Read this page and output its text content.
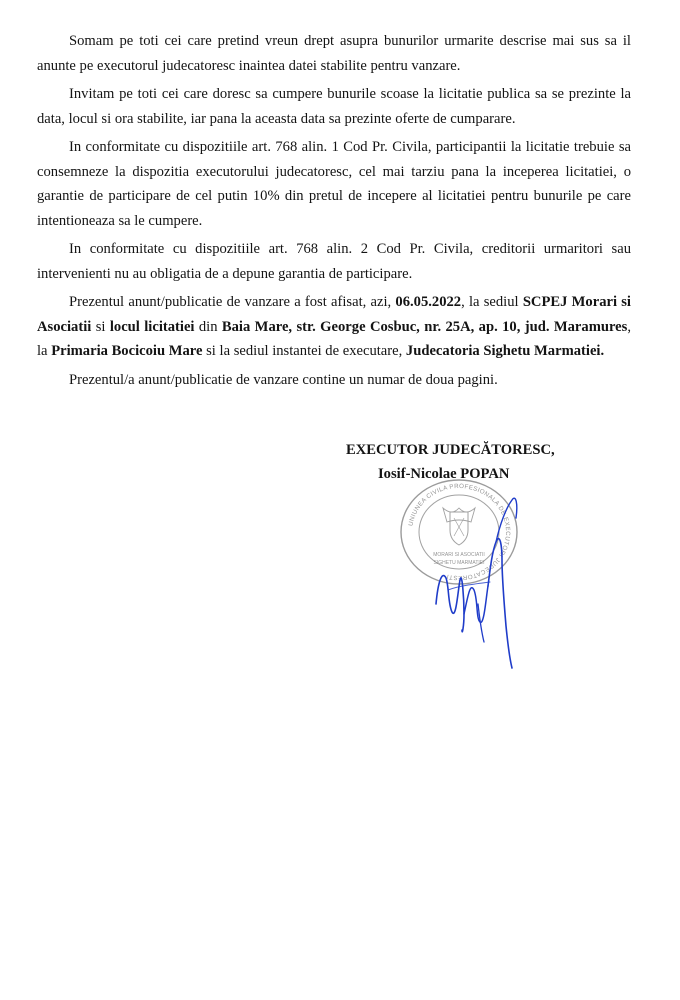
Somam pe toti cei care pretind vreun drept asupra bunurilor urmarite descrise mai sus sa il anunte pe executorul judecatoresc inaintea datei stabilite pentru vanzare.

Invitam pe toti cei care doresc sa cumpere bunurile scoase la licitatie publica sa se prezinte la data, locul si ora stabilite, iar pana la aceasta data sa prezinte oferte de cumparare.

In conformitate cu dispozitiile art. 768 alin. 1 Cod Pr. Civila, participantii la licitatie trebuie sa consemneze la dispozitia executorului judecatoresc, cel mai tarziu pana la inceperea licitatiei, o garantie de participare de cel putin 10% din pretul de incepere al licitatiei pentru bunurile pe care intentioneaza sa le cumpere.

In conformitate cu dispozitiile art. 768 alin. 2 Cod Pr. Civila, creditorii urmaritori sau intervenienti nu au obligatia de a depune garantia de participare.

Prezentul anunt/publicatie de vanzare a fost afisat, azi, 06.05.2022, la sediul SCPEJ Morari si Asociatii si locul licitatiei din Baia Mare, str. George Cosbuc, nr. 25A, ap. 10, jud. Maramures, la Primaria Bocicoiu Mare si la sediul instantei de executare, Judecatoria Sighetu Marmatiei.

Prezentul/a anunt/publicatie de vanzare contine un numar de doua pagini.

EXECUTOR JUDECĂTORESC,
Iosif-Nicolae POPAN
UNIUNEA CIVILA PROFESIONALA DE EXECUTORI JUDECATORESTI
MORARI SI ASOCIATII
SIGHETU MARMATIEI
